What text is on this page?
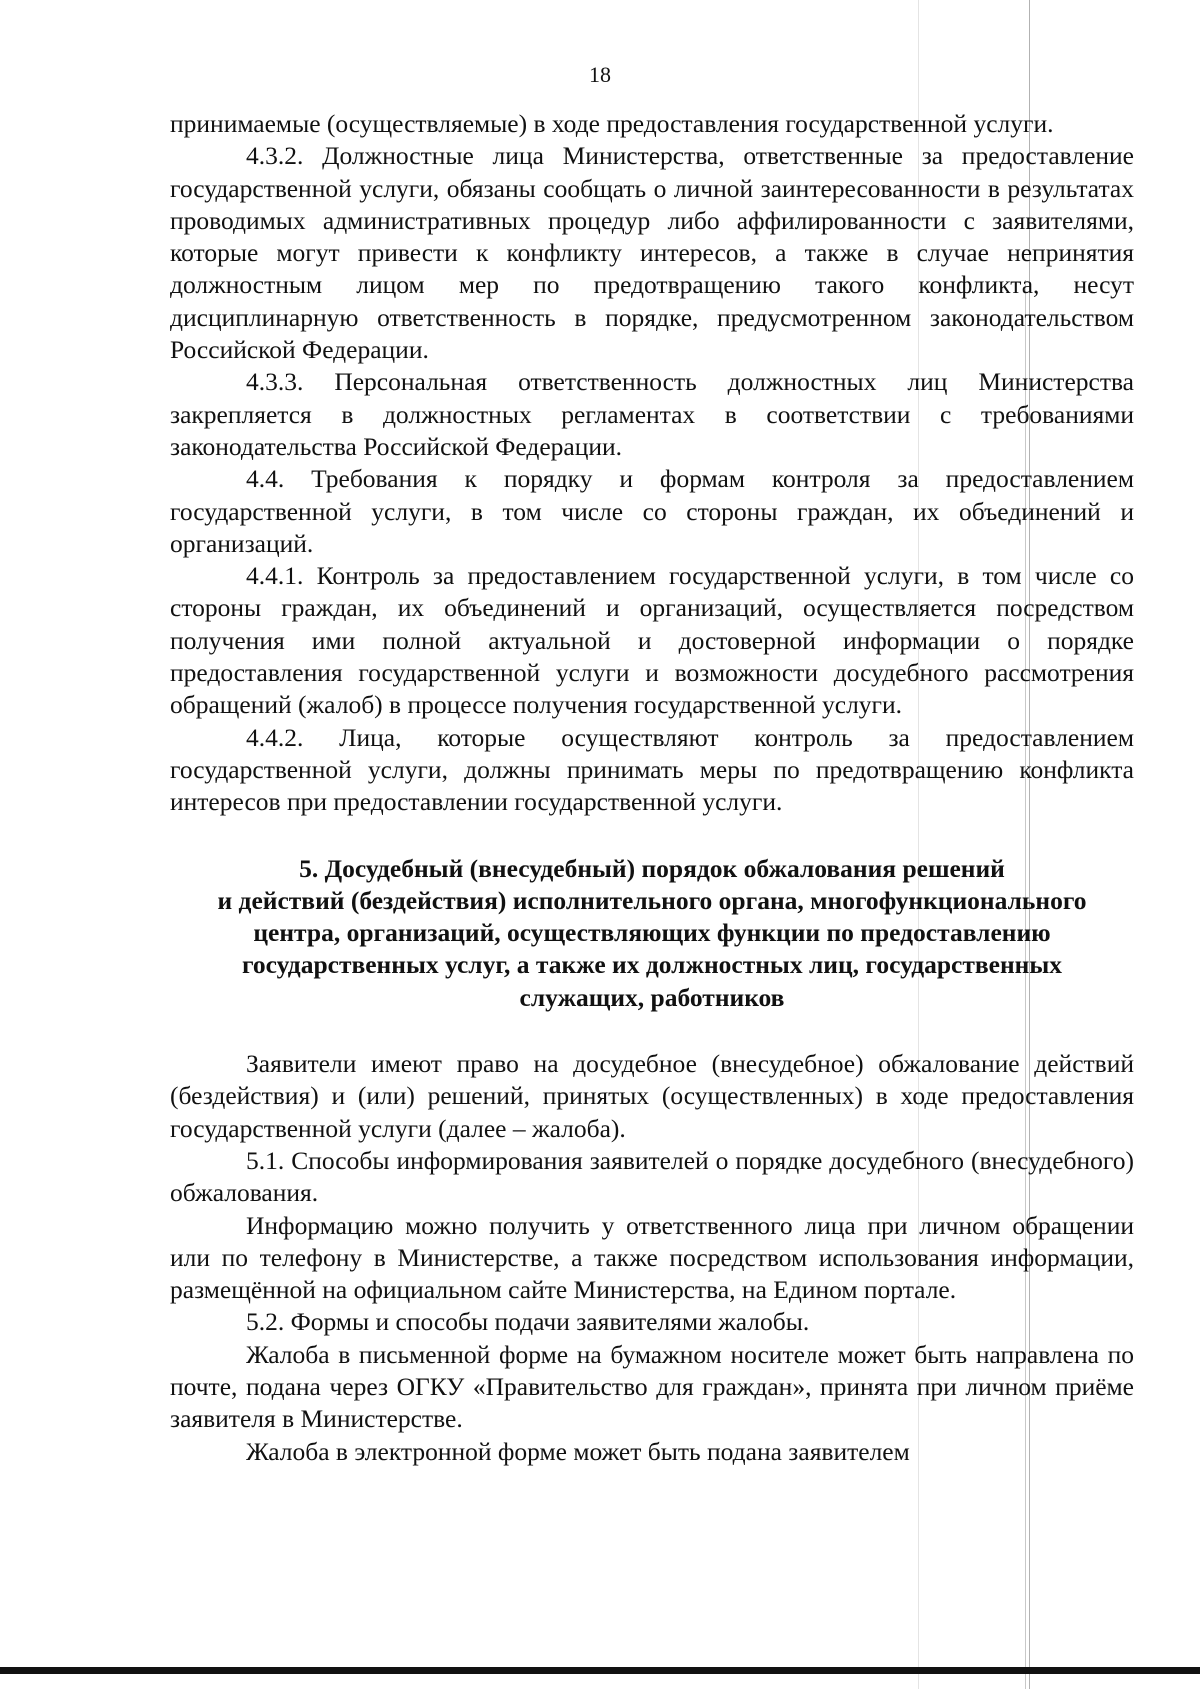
18

принимаемые (осуществляемые) в ходе предоставления государственной услуги.

4.3.2. Должностные лица Министерства, ответственные за предоставление государственной услуги, обязаны сообщать о личной заинтересованности в результатах проводимых административных процедур либо аффилированности с заявителями, которые могут привести к конфликту интересов, а также в случае непринятия должностным лицом мер по предотвращению такого конфликта, несут дисциплинарную ответственность в порядке, предусмотренном законодательством Российской Федерации.

4.3.3. Персональная ответственность должностных лиц Министерства закрепляется в должностных регламентах в соответствии с требованиями законодательства Российской Федерации.

4.4. Требования к порядку и формам контроля за предоставлением государственной услуги, в том числе со стороны граждан, их объединений и организаций.

4.4.1. Контроль за предоставлением государственной услуги, в том числе со стороны граждан, их объединений и организаций, осуществляется посредством получения ими полной актуальной и достоверной информации о порядке предоставления государственной услуги и возможности досудебного рассмотрения обращений (жалоб) в процессе получения государственной услуги.

4.4.2. Лица, которые осуществляют контроль за предоставлением государственной услуги, должны принимать меры по предотвращению конфликта интересов при предоставлении государственной услуги.

5. Досудебный (внесудебный) порядок обжалования решений
и действий (бездействия) исполнительного органа, многофункционального
центра, организаций, осуществляющих функции по предоставлению
государственных услуг, а также их должностных лиц, государственных
служащих, работников

Заявители имеют право на досудебное (внесудебное) обжалование действий (бездействия) и (или) решений, принятых (осуществленных) в ходе предоставления государственной услуги (далее – жалоба).

5.1. Способы информирования заявителей о порядке досудебного (внесудебного) обжалования.

Информацию можно получить у ответственного лица при личном обращении или по телефону в Министерстве, а также посредством использования информации, размещённой на официальном сайте Министерства, на Едином портале.

5.2. Формы и способы подачи заявителями жалобы.

Жалоба в письменной форме на бумажном носителе может быть направлена по почте, подана через ОГКУ «Правительство для граждан», принята при личном приёме заявителя в Министерстве.

Жалоба в электронной форме может быть подана заявителем
